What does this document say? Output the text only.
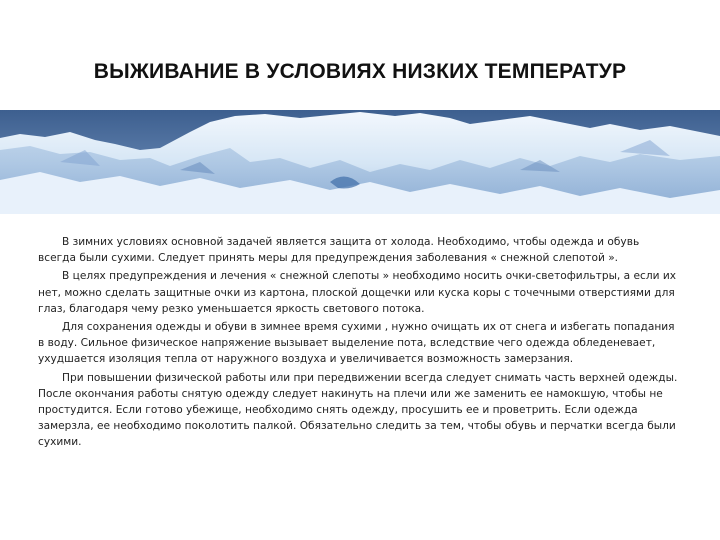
ВЫЖИВАНИЕ В УСЛОВИЯХ НИЗКИХ ТЕМПЕРАТУР

В зимних условиях основной задачей является защита от холода. Необходимо, чтобы одежда и обувь всегда были сухими. Следует принять меры для предупреждения заболевания « снежной слепотой ».

В целях предупреждения и лечения « снежной слепоты » необходимо носить очки-светофильтры, а если их нет, можно сделать защитные очки из картона, плоской дощечки или куска коры с точечными отверстиями для глаз, благодаря чему резко уменьшается яркость светового потока.

Для сохранения одежды и обуви в зимнее время сухими , нужно очищать их от снега и избегать попадания в воду. Сильное физическое напряжение вызывает выделение пота, вследствие чего одежда обледеневает, ухудшается изоляция тепла от наружного воздуха и увеличивается возможность замерзания.

При повышении физической работы или при передвижении всегда следует снимать часть верхней одежды. После окончания работы снятую одежду следует накинуть на плечи или же заменить ее намокшую, чтобы не простудится. Если готово убежище, необходимо снять одежду, просушить ее и проветрить. Если одежда замерзла, ее необходимо поколотить палкой. Обязательно следить за тем, чтобы обувь и перчатки всегда были сухими.
